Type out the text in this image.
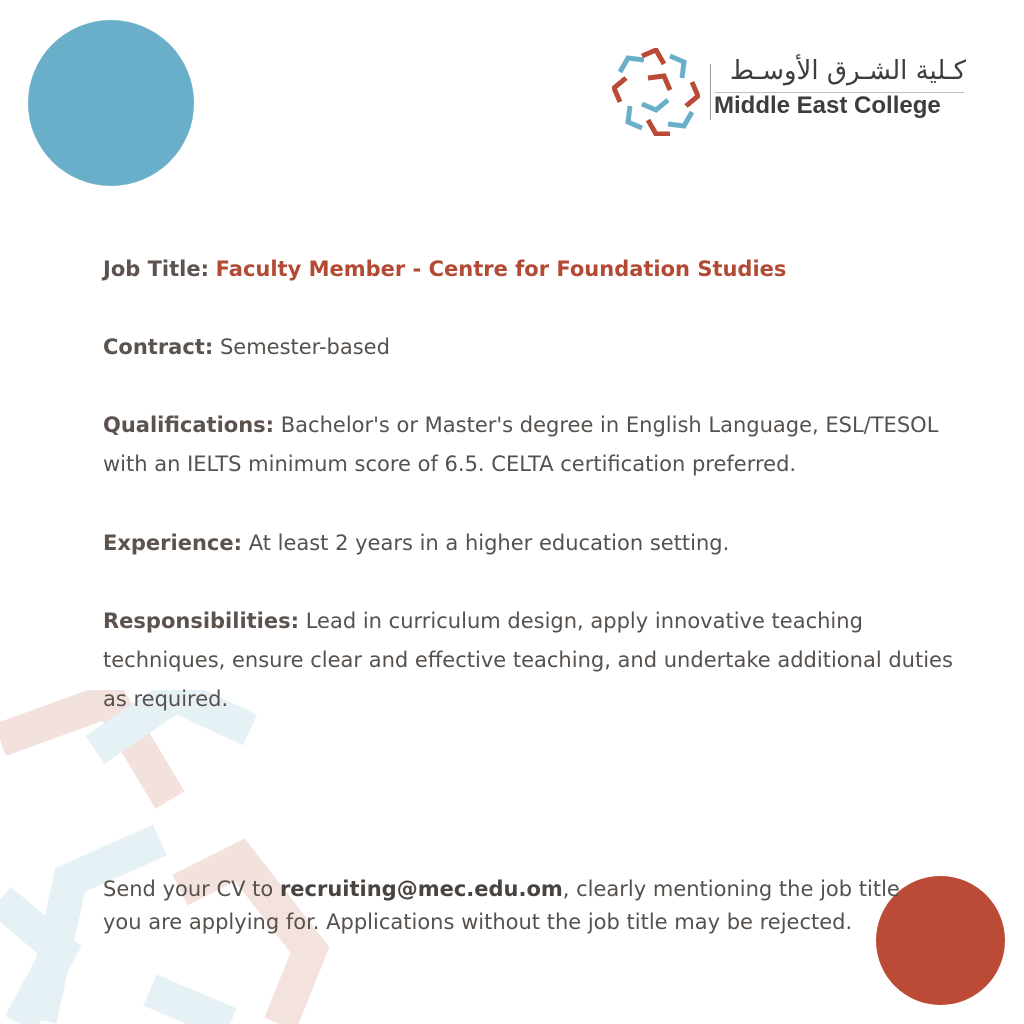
كـلية الشـرق الأوسـط
Middle East College
Job Title: Faculty Member - Centre for Foundation Studies
Contract: Semester-based
Qualifications: Bachelor's or Master's degree in English Language, ESL/TESOL
with an IELTS minimum score of 6.5. CELTA certification preferred.
Experience: At least 2 years in a higher education setting.
Responsibilities: Lead in curriculum design, apply innovative teaching
techniques, ensure clear and effective teaching, and undertake additional duties
as required.
Send your CV to recruiting@mec.edu.om, clearly mentioning the job title
you are applying for. Applications without the job title may be rejected.
